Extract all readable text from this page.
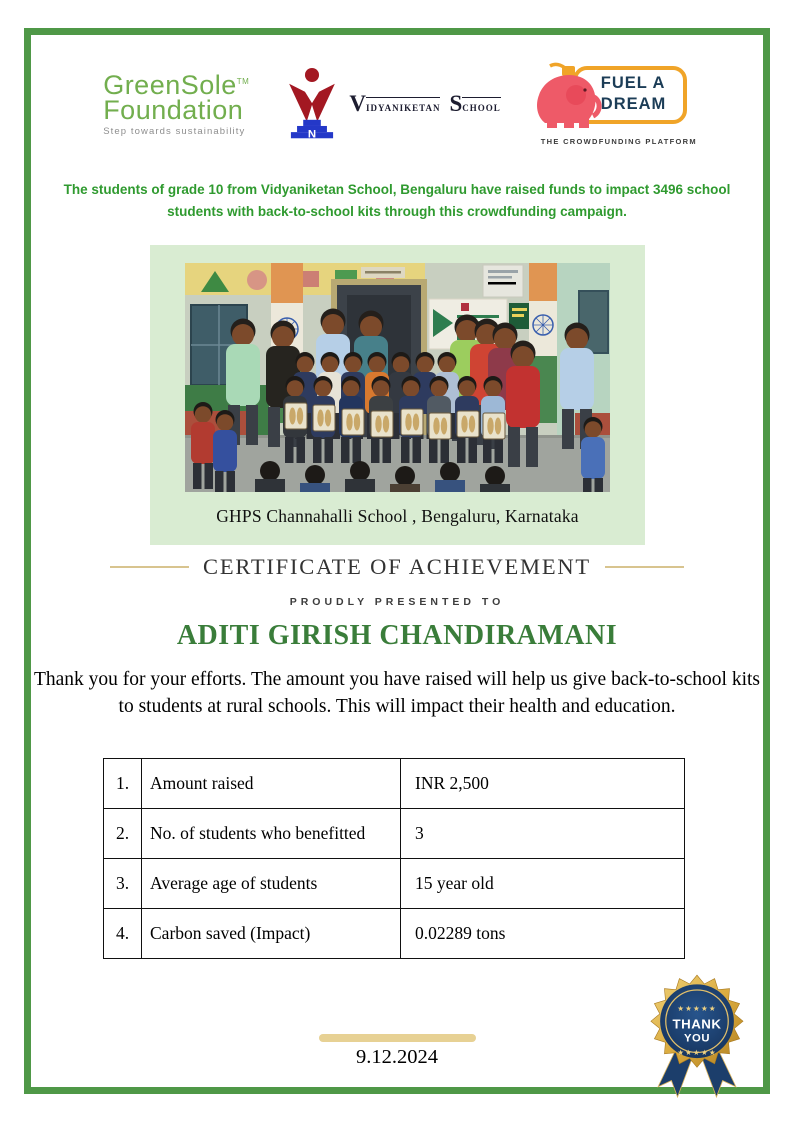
GreenSole™
Foundation
Step towards sustainability	N
Vidyaniketan School
FUEL A
DREAM
THE CROWDFUNDING PLATFORM
The students of grade 10 from Vidyaniketan School, Bengaluru have raised funds to impact 3496 school students with back-to-school kits through this crowdfunding campaign.
GHPS Channahalli School , Bengaluru, Karnataka
CERTIFICATE OF ACHIEVEMENT
PROUDLY PRESENTED TO
ADITI GIRISH CHANDIRAMANI
Thank you for your efforts. The amount you have raised will help us give back-to-school kits to students at rural schools. This will impact their health and education.
1.	Amount raised	INR 2,500
2.	No. of students who benefitted	3
3.	Average age of students	15 year old
4.	Carbon saved (Impact)	0.02289 tons
★★★★★
THANK
YOU
★★★★★
9.12.2024
